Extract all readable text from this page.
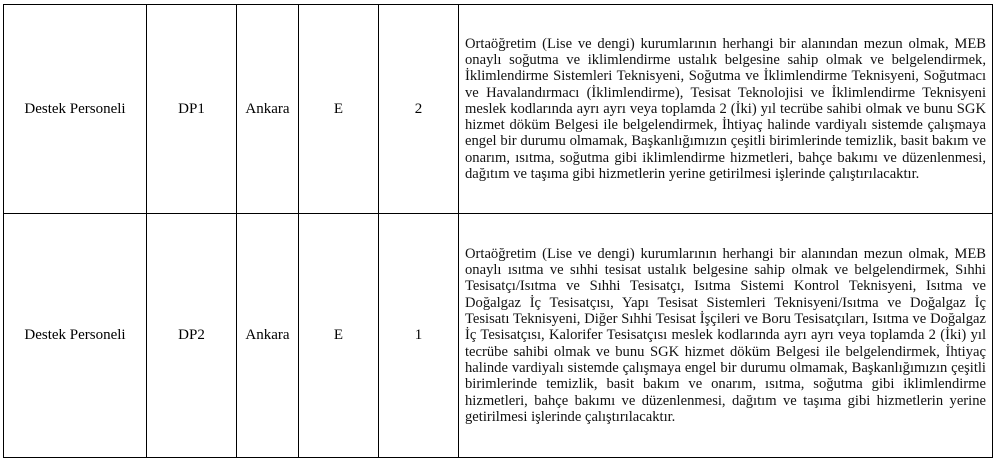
Destek Personeli	DP1	Ankara	E	2	Ortaöğretim (Lise ve dengi) kurumlarının herhangi bir alanından mezun olmak, MEB onaylı soğutma ve iklimlendirme ustalık belgesine sahip olmak ve belgelendirmek, İklimlendirme Sistemleri Teknisyeni, Soğutma ve İklimlendirme Teknisyeni, Soğutmacı ve Havalandırmacı (İklimlendirme), Tesisat Teknolojisi ve İklimlendirme Teknisyeni meslek kodlarında ayrı ayrı veya toplamda 2 (İki) yıl tecrübe sahibi olmak ve bunu SGK hizmet döküm Belgesi ile belgelendirmek, İhtiyaç halinde vardiyalı sistemde çalışmaya engel bir durumu olmamak, Başkanlığımızın çeşitli birimlerinde temizlik, basit bakım ve onarım, ısıtma, soğutma gibi iklimlendirme hizmetleri, bahçe bakımı ve düzenlenmesi, dağıtım ve taşıma gibi hizmetlerin yerine getirilmesi işlerinde çalıştırılacaktır.
Destek Personeli	DP2	Ankara	E	1	Ortaöğretim (Lise ve dengi) kurumlarının herhangi bir alanından mezun olmak, MEB onaylı ısıtma ve sıhhi tesisat ustalık belgesine sahip olmak ve belgelendirmek, Sıhhi Tesisatçı/Isıtma ve Sıhhi Tesisatçı, Isıtma Sistemi Kontrol Teknisyeni, Isıtma ve Doğalgaz İç Tesisatçısı, Yapı Tesisat Sistemleri Teknisyeni/Isıtma ve Doğalgaz İç Tesisatı Teknisyeni, Diğer Sıhhi Tesisat İşçileri ve Boru Tesisatçıları, Isıtma ve Doğalgaz İç Tesisatçısı, Kalorifer Tesisatçısı meslek kodlarında ayrı ayrı veya toplamda 2 (İki) yıl tecrübe sahibi olmak ve bunu SGK hizmet döküm Belgesi ile belgelendirmek, İhtiyaç halinde vardiyalı sistemde çalışmaya engel bir durumu olmamak, Başkanlığımızın çeşitli birimlerinde temizlik, basit bakım ve onarım, ısıtma, soğutma gibi iklimlendirme hizmetleri, bahçe bakımı ve düzenlenmesi, dağıtım ve taşıma gibi hizmetlerin yerine getirilmesi işlerinde çalıştırılacaktır.
